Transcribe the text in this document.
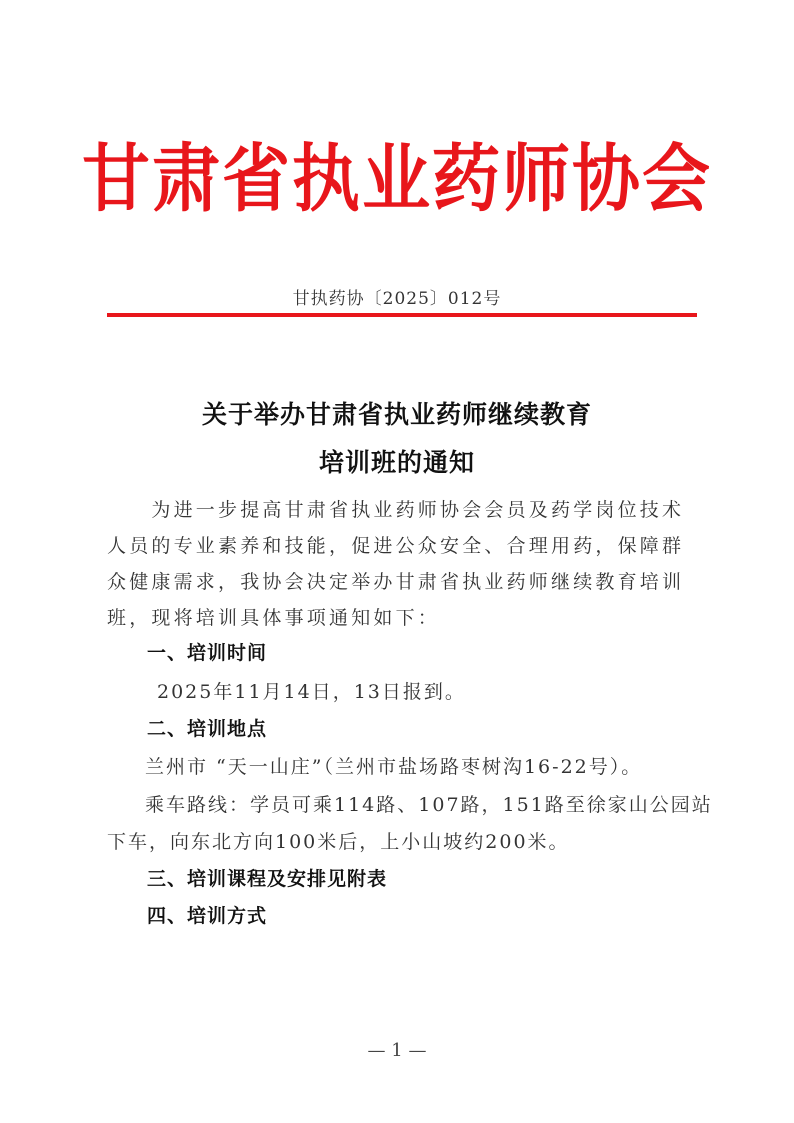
甘肃省执业药师协会
甘执药协〔2025〕012号
关于举办甘肃省执业药师继续教育
培训班的通知
　　为进一步提高甘肃省执业药师协会会员及药学岗位技术人员的专业素养和技能，促进公众安全、合理用药，保障群众健康需求，我协会决定举办甘肃省执业药师继续教育培训班，现将培训具体事项通知如下：
一、培训时间
2025年11月14日，13日报到。
二、培训地点
兰州市 “天一山庄”（兰州市盐场路枣树沟16-22号）。
乘车路线：学员可乘114路、107路，151路至徐家山公园站
下车，向东北方向100米后，上小山坡约200米。
三、培训课程及安排见附表
四、培训方式
— 1 —
